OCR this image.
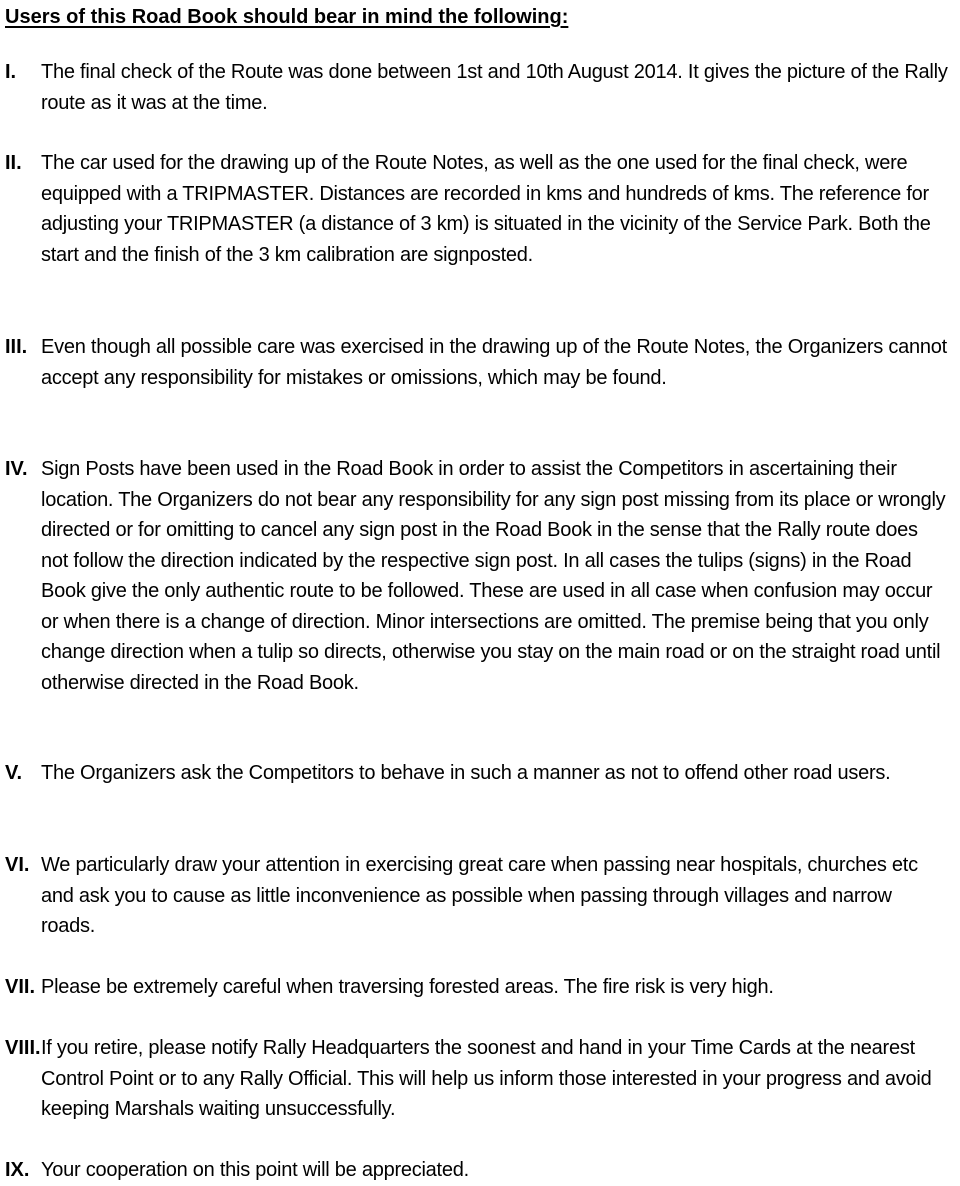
Users of this Road Book should bear in mind the following:
I.	The final check of the Route was done between 1st and 10th August 2014. It gives the picture of the Rally route as it was at the time.
II. The car used for the drawing up of the Route Notes, as well as the one used for the final check, were equipped with a TRIPMASTER. Distances are recorded in kms and hundreds of kms. The reference for adjusting your TRIPMASTER (a distance of 3 km) is situated in the vicinity of the Service Park. Both the start and the finish of the 3 km calibration are signposted.
III. Even though all possible care was exercised in the drawing up of the Route Notes, the Organizers cannot accept any responsibility for mistakes or omissions, which may be found.
IV. Sign Posts have been used in the Road Book in order to assist the Competitors in ascertaining their location. The Organizers do not bear any responsibility for any sign post missing from its place or wrongly directed or for omitting to cancel any sign post in the Road Book in the sense that the Rally route does not follow the direction indicated by the respective sign post. In all cases the tulips (signs) in the Road Book give the only authentic route to be followed. These are used in all case when confusion may occur or when there is a change of direction. Minor intersections are omitted. The premise being that you only change direction when a tulip so directs, otherwise you stay on the main road or on the straight road until otherwise directed in the Road Book.
V. The Organizers ask the Competitors to behave in such a manner as not to offend other road users.
VI. We particularly draw your attention in exercising great care when passing near hospitals, churches etc and ask you to cause as little inconvenience as possible when passing through villages and narrow roads.
VII. Please be extremely careful when traversing forested areas. The fire risk is very high.
VIII. If you retire, please notify Rally Headquarters the soonest and hand in your Time Cards at the nearest Control Point or to any Rally Official. This will help us inform those interested in your progress and avoid keeping Marshals waiting unsuccessfully.
IX. Your cooperation on this point will be appreciated.
